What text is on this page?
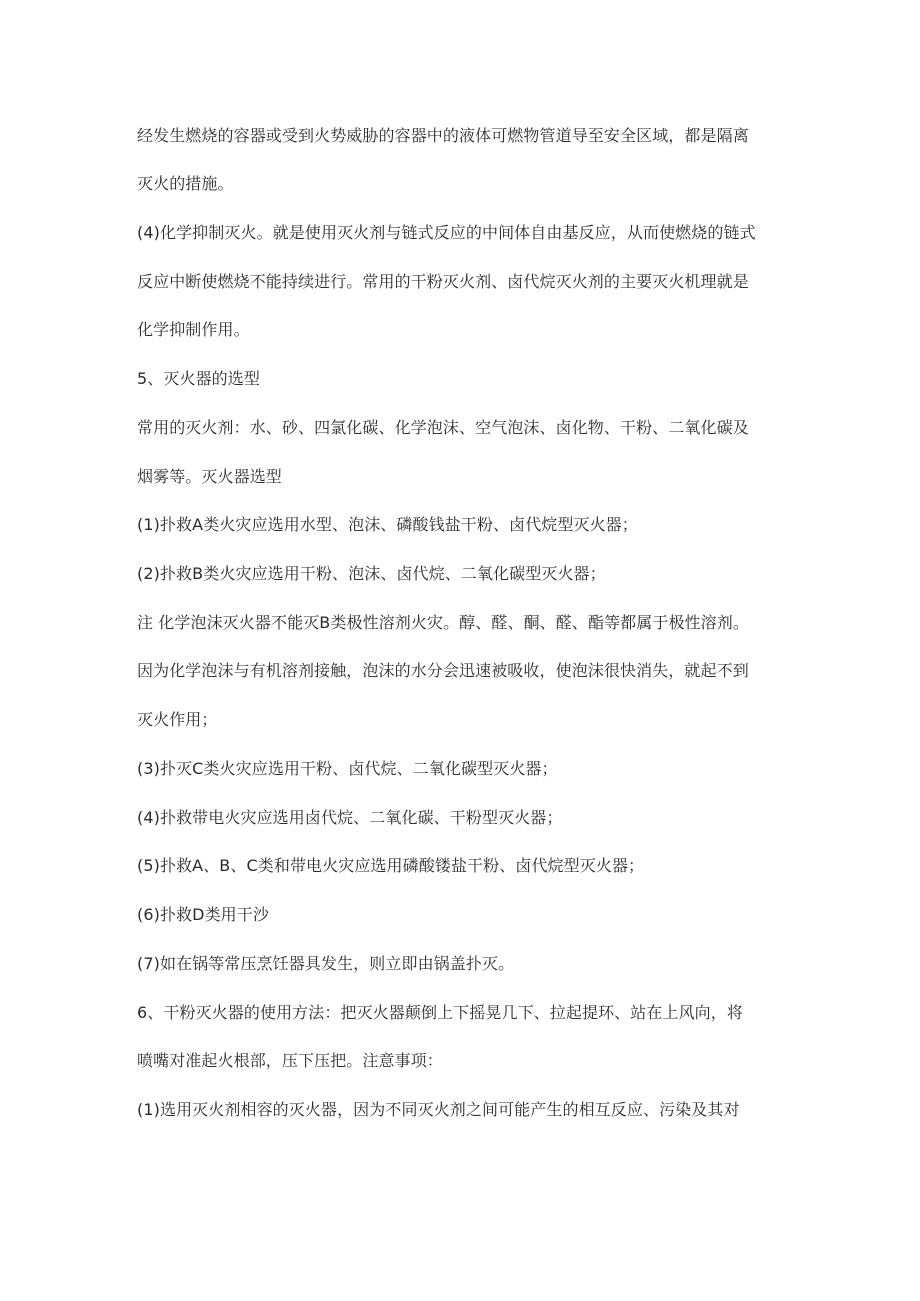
经发生燃烧的容器或受到火势威胁的容器中的液体可燃物管道导至安全区域，都是隔离
灭火的措施。
(4)化学抑制灭火。就是使用灭火剂与链式反应的中间体自由基反应，从而使燃烧的链式
反应中断使燃烧不能持续进行。常用的干粉灭火剂、卤代烷灭火剂的主要灭火机理就是
化学抑制作用。
5、灭火器的选型
常用的灭火剂：水、砂、四氯化碳、化学泡沫、空气泡沫、卤化物、干粉、二氧化碳及
烟雾等。灭火器选型
(1)扑救A类火灾应选用水型、泡沫、磷酸钱盐干粉、卤代烷型灭火器；
(2)扑救B类火灾应选用干粉、泡沫、卤代烷、二氧化碳型灭火器；
注 化学泡沫灭火器不能灭B类极性溶剂火灾。醇、醛、酮、醛、酯等都属于极性溶剂。
因为化学泡沫与有机溶剂接触，泡沫的水分会迅速被吸收，使泡沫很快消失，就起不到
灭火作用；
(3)扑灭C类火灾应选用干粉、卤代烷、二氧化碳型灭火器；
(4)扑救带电火灾应选用卤代烷、二氧化碳、干粉型灭火器；
(5)扑救A、B、C类和带电火灾应选用磷酸镂盐干粉、卤代烷型灭火器；
(6)扑救D类用干沙
(7)如在锅等常压烹饪器具发生，则立即由锅盖扑灭。
6、干粉灭火器的使用方法：把灭火器颠倒上下摇晃几下、拉起提环、站在上风向，将
喷嘴对准起火根部，压下压把。注意事项：
(1)选用灭火剂相容的灭火器，因为不同灭火剂之间可能产生的相互反应、污染及其对
